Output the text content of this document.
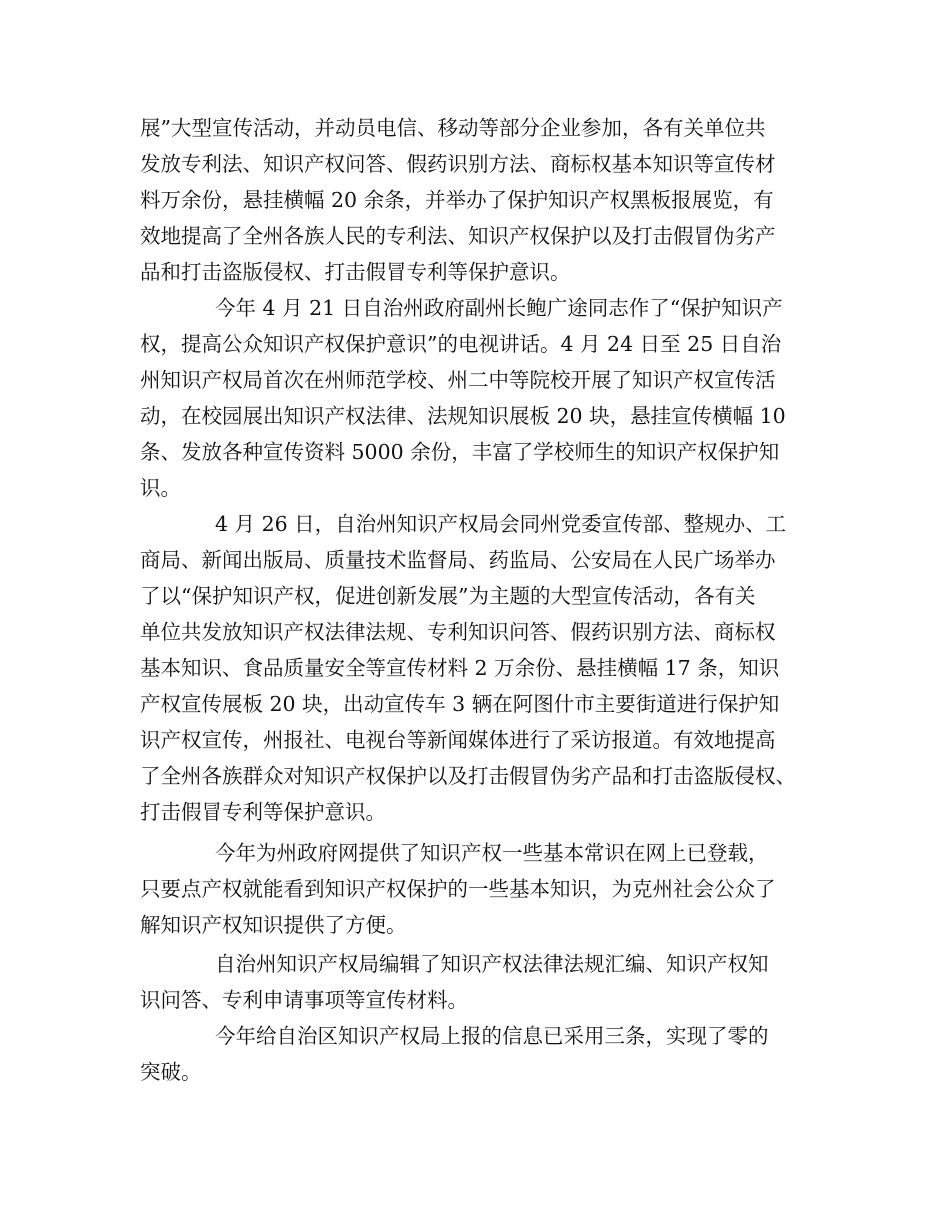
展”大型宣传活动，并动员电信、移动等部分企业参加，各有关单位共

发放专利法、知识产权问答、假药识别方法、商标权基本知识等宣传材

料万余份，悬挂横幅 20 余条，并举办了保护知识产权黑板报展览，有

效地提高了全州各族人民的专利法、知识产权保护以及打击假冒伪劣产

品和打击盗版侵权、打击假冒专利等保护意识。

今年 4 月 21 日自治州政府副州长鲍广途同志作了“保护知识产

权，提高公众知识产权保护意识”的电视讲话。4 月 24 日至 25 日自治

州知识产权局首次在州师范学校、州二中等院校开展了知识产权宣传活

动，在校园展出知识产权法律、法规知识展板 20 块，悬挂宣传横幅 10

条、发放各种宣传资料 5000 余份，丰富了学校师生的知识产权保护知

识。

4 月 26 日，自治州知识产权局会同州党委宣传部、整规办、工

商局、新闻出版局、质量技术监督局、药监局、公安局在人民广场举办

了以“保护知识产权，促进创新发展”为主题的大型宣传活动，各有关

单位共发放知识产权法律法规、专利知识问答、假药识别方法、商标权

基本知识、食品质量安全等宣传材料 2 万余份、悬挂横幅 17 条，知识

产权宣传展板 20 块，出动宣传车 3 辆在阿图什市主要街道进行保护知

识产权宣传，州报社、电视台等新闻媒体进行了采访报道。有效地提高

了全州各族群众对知识产权保护以及打击假冒伪劣产品和打击盗版侵权、

打击假冒专利等保护意识。

今年为州政府网提供了知识产权一些基本常识在网上已登载，

只要点产权就能看到知识产权保护的一些基本知识，为克州社会公众了

解知识产权知识提供了方便。

自治州知识产权局编辑了知识产权法律法规汇编、知识产权知

识问答、专利申请事项等宣传材料。

今年给自治区知识产权局上报的信息已采用三条，实现了零的

突破。
